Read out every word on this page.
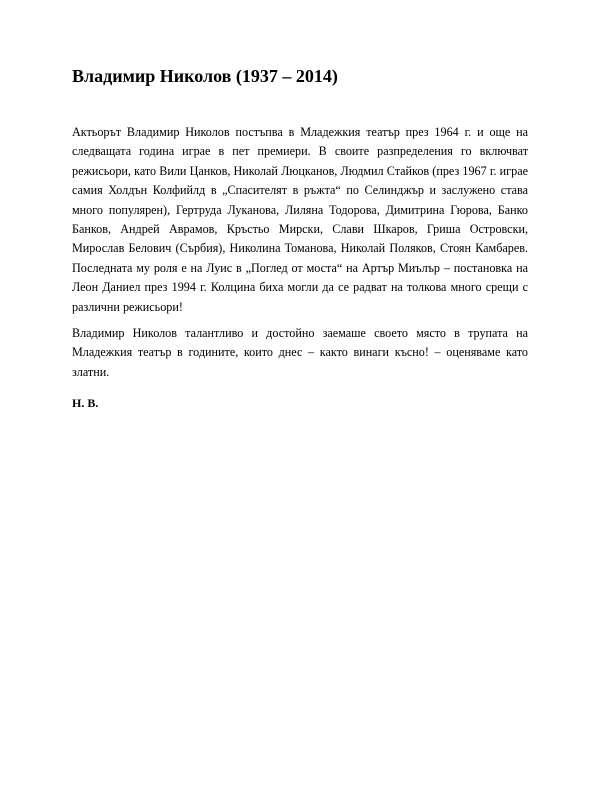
Владимир Николов (1937 – 2014)

Актьорът Владимир Николов постъпва в Младежкия театър през 1964 г. и още на следващата година играе в пет премиери. В своите разпределения го включват режисьори, като Вили Цанков, Николай Люцканов, Людмил Стайков (през 1967 г. играе самия Холдън Колфийлд в „Спасителят в ръжта“ по Селинджър и заслужено става много популярен), Гертруда Луканова, Лиляна Тодорова, Димитрина Гюрова, Банко Банков, Андрей Аврамов, Кръстьо Мирски, Слави Шкаров, Гриша Островски, Мирослав Белович (Сърбия), Николина Томанова, Николай Поляков, Стоян Камбарев. Последната му роля е на Луис в „Поглед от моста“ на Артър Миълър – постановка на Леон Даниел през 1994 г. Колцина биха могли да се радват на толкова много срещи с различни режисьори!

Владимир Николов талантливо и достойно заемаше своето място в трупата на Младежкия театър в годините, които днес – както винаги късно! – оценяваме като златни.

Н. В.
